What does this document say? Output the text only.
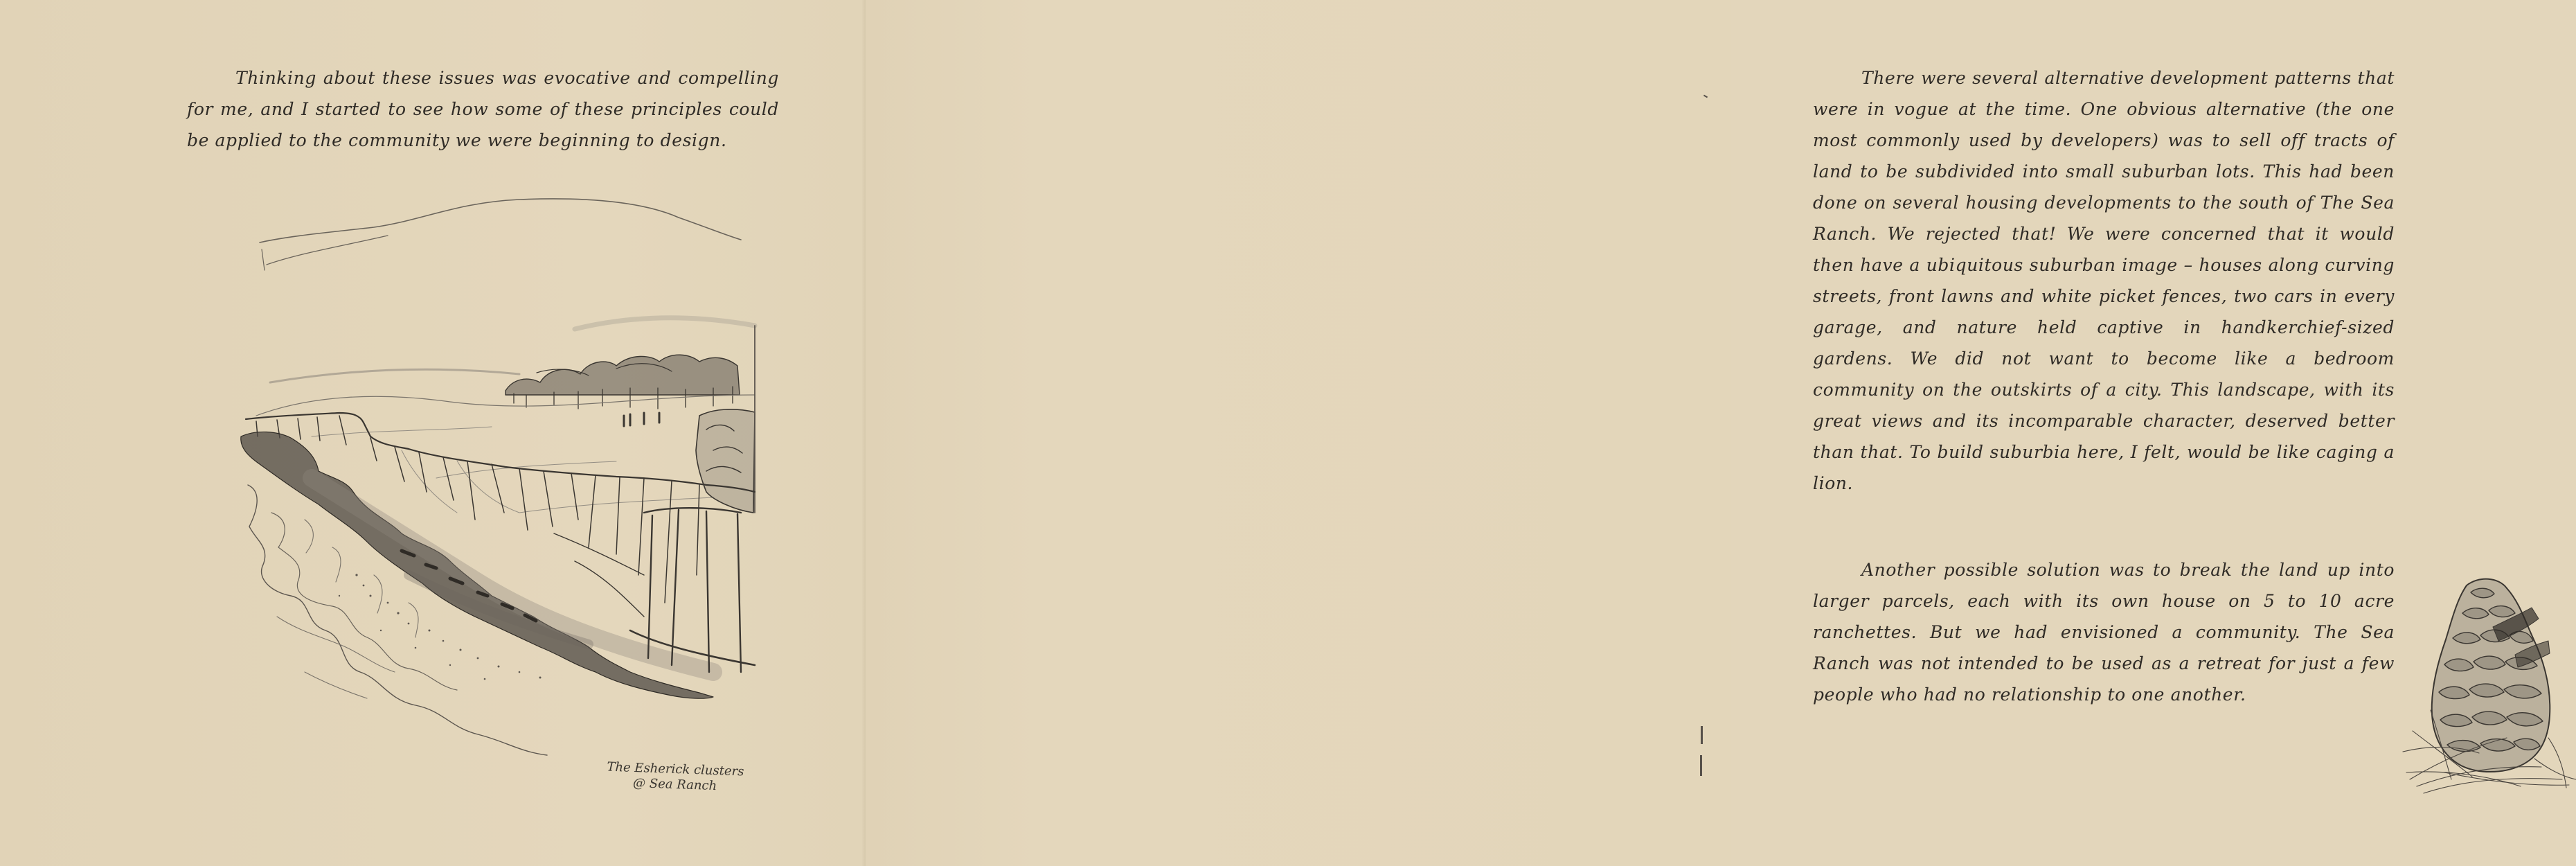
Thinking about these issues was evocative and compelling for me, and I started to see how some of these principles could be applied to the community we were beginning to design.

The Esherick clusters
@ Sea Ranch

There were several alternative development patterns that were in vogue at the time. One obvious alternative (the one most commonly used by developers) was to sell off tracts of land to be subdivided into small suburban lots. This had been done on several housing developments to the south of The Sea Ranch. We rejected that! We were concerned that it would then have a ubiquitous suburban image – houses along curving streets, front lawns and white picket fences, two cars in every garage, and nature held captive in handkerchief-sized gardens. We did not want to become like a bedroom community on the outskirts of a city. This landscape, with its great views and its incomparable character, deserved better than that. To build suburbia here, I felt, would be like caging a lion.

Another possible solution was to break the land up into larger parcels, each with its own house on 5 to 10 acre ranchettes. But we had envisioned a community. The Sea Ranch was not intended to be used as a retreat for just a few people who had no relationship to one another.
